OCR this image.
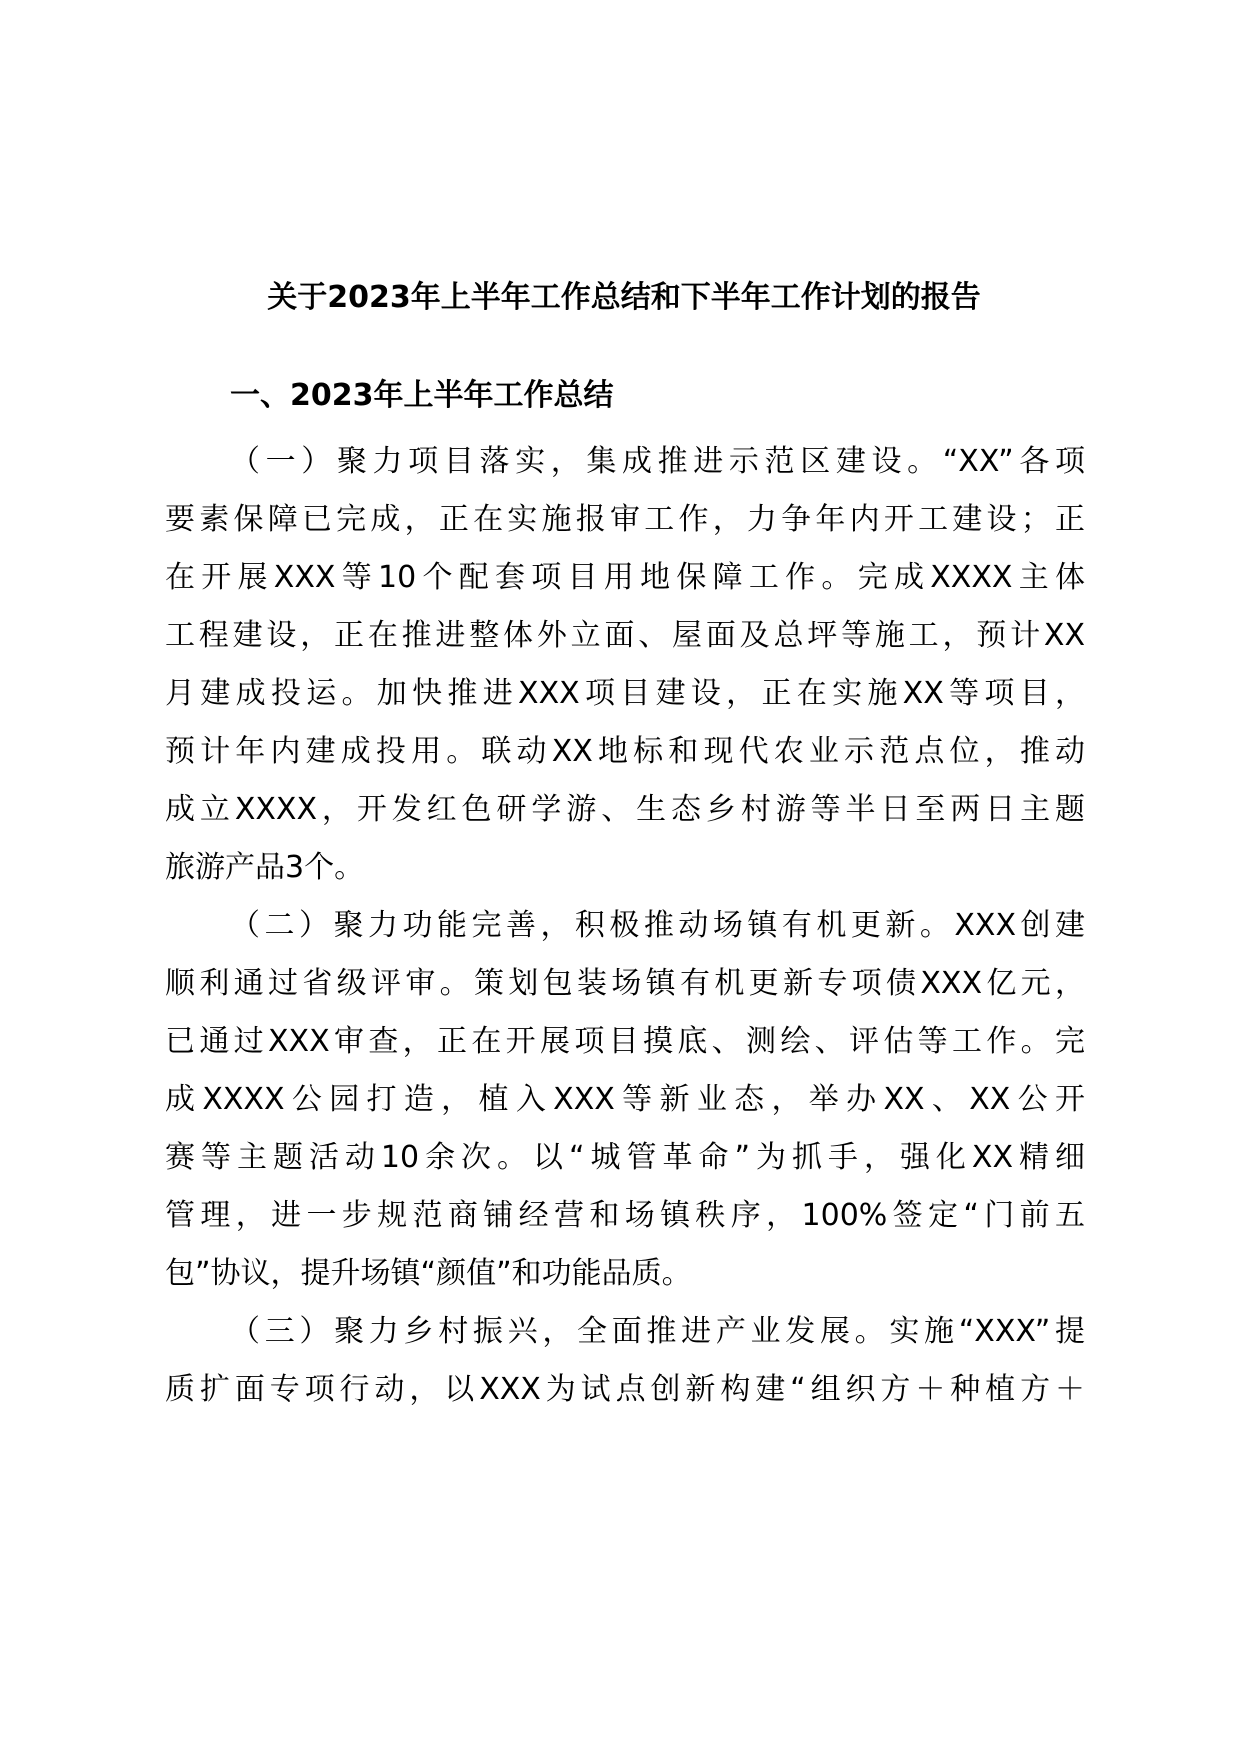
关于2023年上半年工作总结和下半年工作计划的报告
一、2023年上半年工作总结
（一）聚力项目落实，集成推进示范区建设。“XX”各项
要素保障已完成，正在实施报审工作，力争年内开工建设；正
在开展XXX等10个配套项目用地保障工作。完成XXXX主体
工程建设，正在推进整体外立面、屋面及总坪等施工，预计XX
月建成投运。加快推进XXX项目建设，正在实施XX等项目，
预计年内建成投用。联动XX地标和现代农业示范点位，推动
成立XXXX，开发红色研学游、生态乡村游等半日至两日主题
旅游产品3个。
（二）聚力功能完善，积极推动场镇有机更新。XXX创建
顺利通过省级评审。策划包装场镇有机更新专项债XXX亿元，
已通过XXX审查，正在开展项目摸底、测绘、评估等工作。完
成XXXX公园打造，植入XXX等新业态，举办XX、XX公开
赛等主题活动10余次。以“城管革命”为抓手，强化XX精细
管理，进一步规范商铺经营和场镇秩序，100%签定“门前五
包”协议，提升场镇“颜值”和功能品质。
（三）聚力乡村振兴，全面推进产业发展。实施“XXX”提
质扩面专项行动，以XXX为试点创新构建“组织方＋种植方＋
